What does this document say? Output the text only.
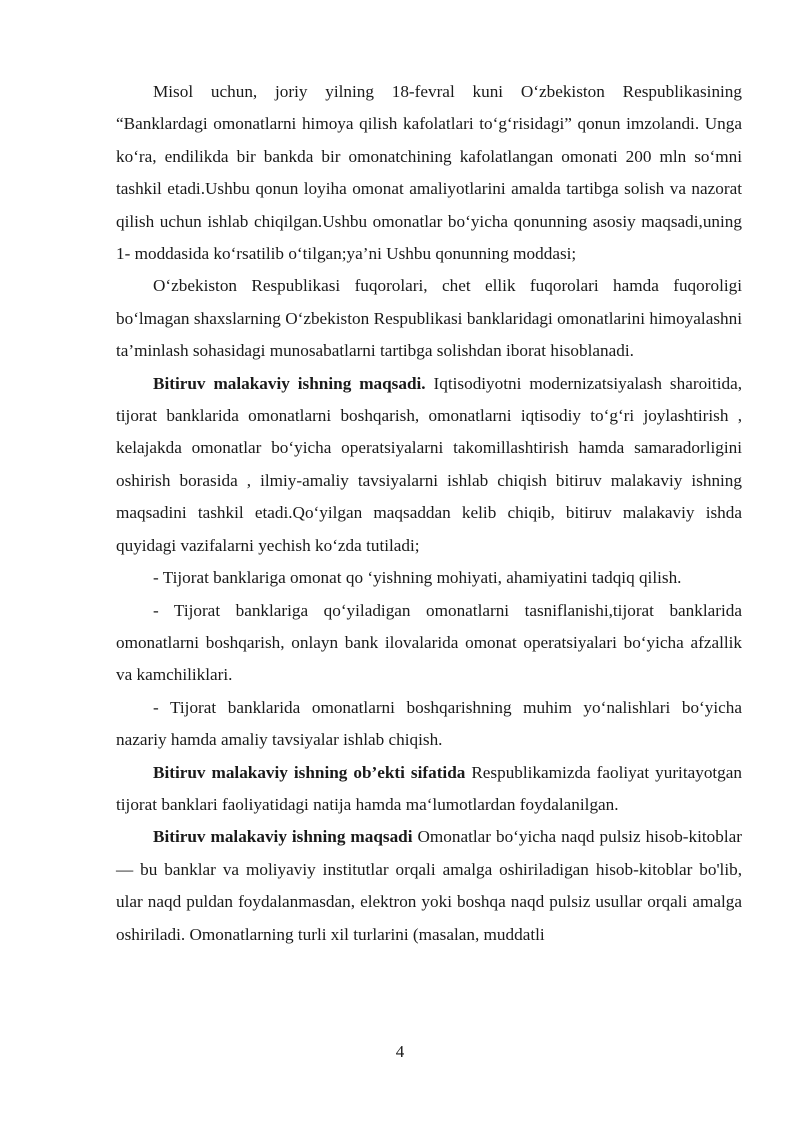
Misol uchun, joriy yilning 18-fevral kuni O‘zbekiston Respublikasining “Banklardagi omonatlarni himoya qilish kafolatlari to‘g‘risidagi” qonun imzolandi. Unga ko‘ra, endilikda bir bankda bir omonatchining kafolatlangan omonati 200 mln so‘mni tashkil etadi.Ushbu qonun loyiha omonat amaliyotlarini amalda tartibga solish va nazorat qilish uchun ishlab chiqilgan.Ushbu omonatlar bo‘yicha qonunning asosiy maqsadi,uning 1- moddasida ko‘rsatilib o‘tilgan;ya’ni Ushbu qonunning moddasi;

O‘zbekiston Respublikasi fuqorolari, chet ellik fuqorolari hamda fuqoroligi bo‘lmagan shaxslarning O‘zbekiston Respublikasi banklaridagi omonatlarini himoyalashni ta’minlash sohasidagi munosabatlarni tartibga solishdan iborat hisoblanadi.

Bitiruv malakaviy ishning maqsadi. Iqtisodiyotni modernizatsiyalash sharoitida, tijorat banklarida omonatlarni boshqarish, omonatlarni iqtisodiy to‘g‘ri joylashtirish , kelajakda omonatlar bo‘yicha operatsiyalarni takomillashtirish hamda samaradorligini oshirish borasida , ilmiy-amaliy tavsiyalarni ishlab chiqish bitiruv malakaviy ishning maqsadini tashkil etadi.Qo‘yilgan maqsaddan kelib chiqib, bitiruv malakaviy ishda quyidagi vazifalarni yechish ko‘zda tutiladi;

- Tijorat banklariga omonat qo ‘yishning mohiyati, ahamiyatini tadqiq qilish.

- Tijorat banklariga qo‘yiladigan omonatlarni tasniflanishi,tijorat banklarida omonatlarni boshqarish, onlayn bank ilovalarida omonat operatsiyalari bo‘yicha afzallik va kamchiliklari.

- Tijorat banklarida omonatlarni boshqarishning muhim yo‘nalishlari bo‘yicha nazariy hamda amaliy tavsiyalar ishlab chiqish.

Bitiruv malakaviy ishning ob’ekti sifatida Respublikamizda faoliyat yuritayotgan tijorat banklari faoliyatidagi natija hamda ma‘lumotlardan foydalanilgan.

Bitiruv malakaviy ishning maqsadi Omonatlar bo‘yicha naqd pulsiz hisob-kitoblar — bu banklar va moliyaviy institutlar orqali amalga oshiriladigan hisob-kitoblar bo'lib, ular naqd puldan foydalanmasdan, elektron yoki boshqa naqd pulsiz usullar orqali amalga oshiriladi. Omonatlarning turli xil turlarini (masalan, muddatli

4
